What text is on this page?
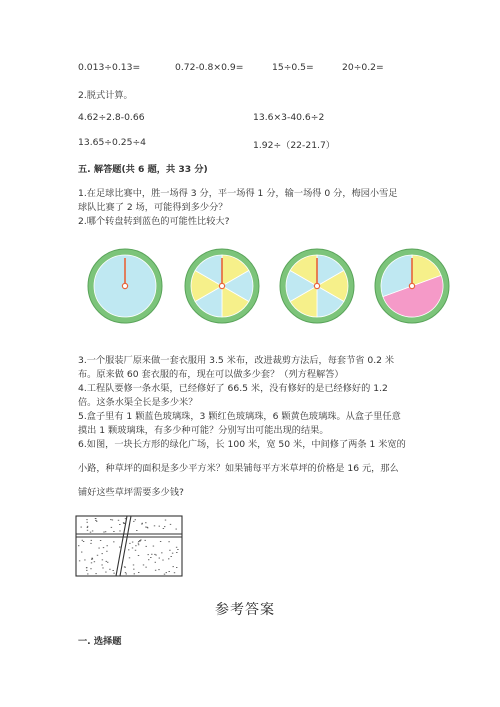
0.013÷0.13=	0.72-0.8×0.9=	15÷0.5=	20÷0.2=
2.脱式计算。
4.62÷2.8-0.66	13.6×3-40.6÷2
13.65÷0.25÷4	1.92÷（22-21.7）
五. 解答题(共 6 题，共 33 分)
1.在足球比赛中，胜一场得 3 分，平一场得 1 分，输一场得 0 分，梅园小雪足
球队比赛了 2 场，可能得到多少分？
2.哪个转盘转到蓝色的可能性比较大?
3.一个服装厂原来做一套衣服用 3.5 米布，改进裁剪方法后，每套节省 0.2 米
布。原来做 60 套衣服的布，现在可以做多少套？（列方程解答）
4.工程队要修一条水渠，已经修好了 66.5 米，没有修好的是已经修好的 1.2
倍。这条水渠全长是多少米？
5.盒子里有 1 颗蓝色玻璃珠，3 颗红色玻璃珠，6 颗黄色玻璃珠。从盒子里任意
摸出 1 颗玻璃珠，有多少种可能？分别写出可能出现的结果。
6.如图，一块长方形的绿化广场，长 100 米，宽 50 米，中间修了两条 1 米宽的
小路，种草坪的面积是多少平方米？如果铺每平方米草坪的价格是 16 元，那么
铺好这些草坪需要多少钱?
参考答案
一. 选择题
